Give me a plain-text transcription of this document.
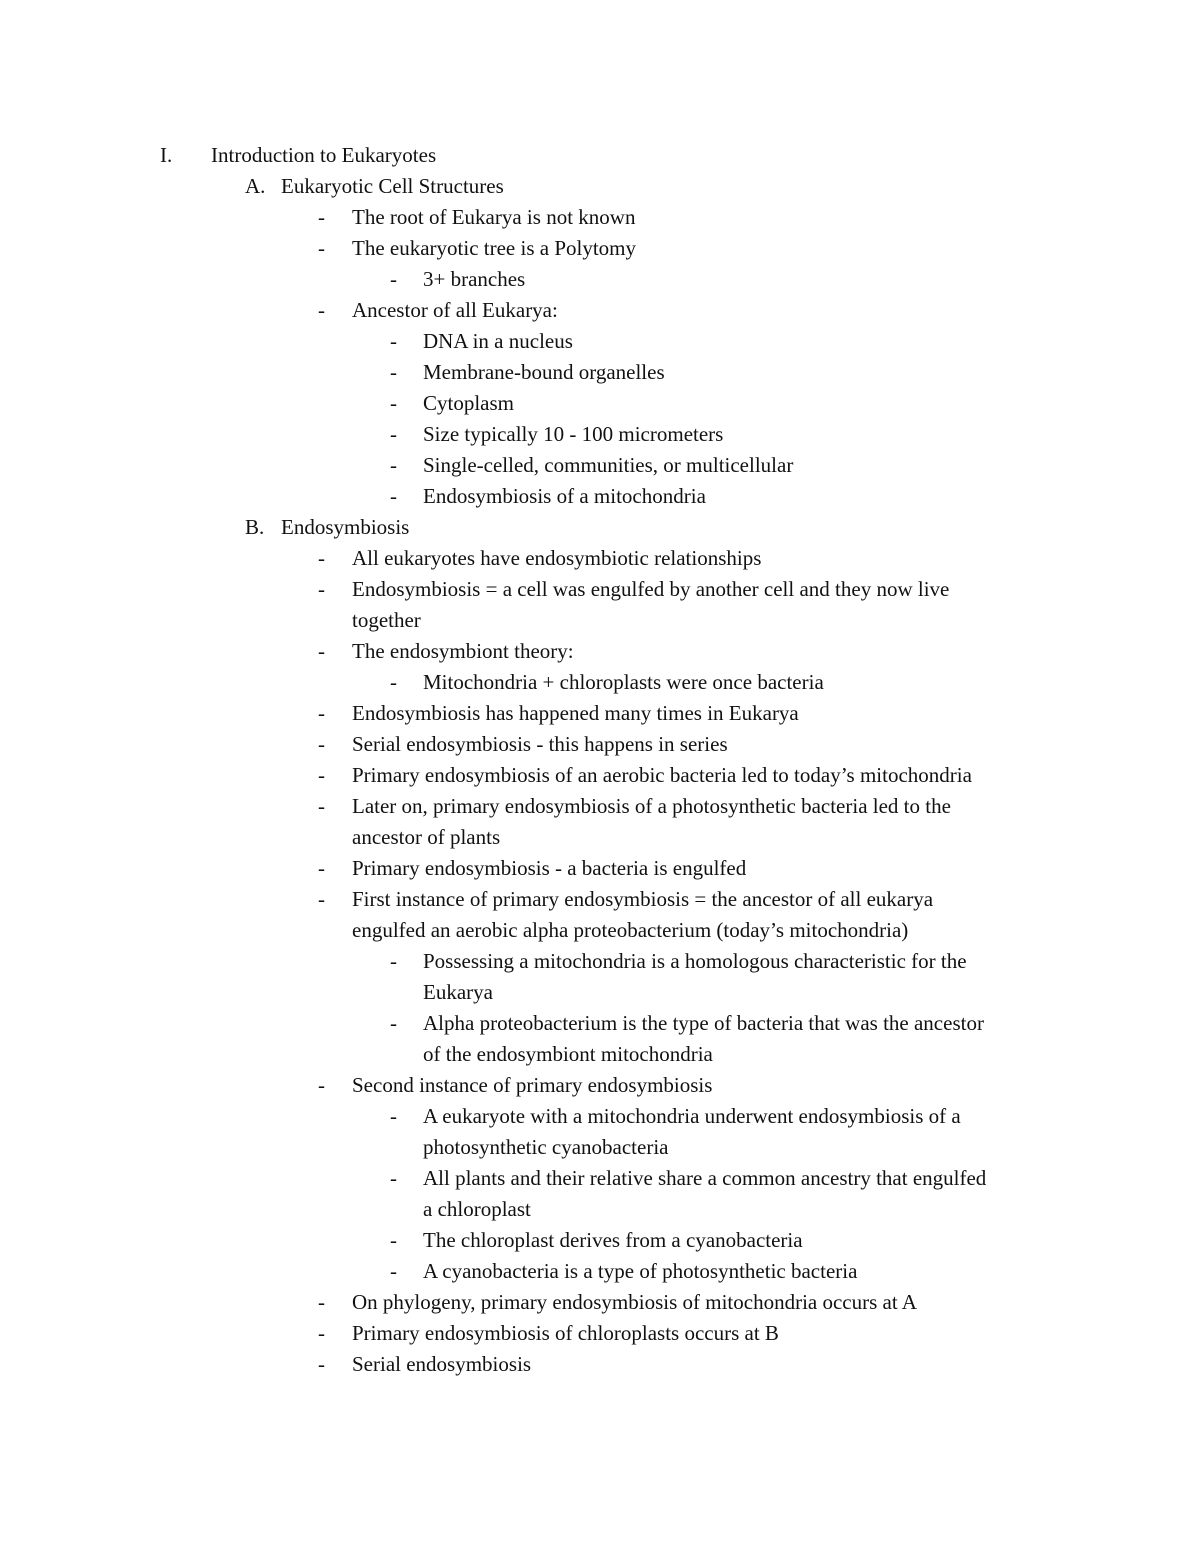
I. Introduction to Eukaryotes
A. Eukaryotic Cell Structures
- The root of Eukarya is not known
- The eukaryotic tree is a Polytomy
- 3+ branches
- Ancestor of all Eukarya:
- DNA in a nucleus
- Membrane-bound organelles
- Cytoplasm
- Size typically 10 - 100 micrometers
- Single-celled, communities, or multicellular
- Endosymbiosis of a mitochondria
B. Endosymbiosis
- All eukaryotes have endosymbiotic relationships
- Endosymbiosis = a cell was engulfed by another cell and they now live
together
- The endosymbiont theory:
- Mitochondria + chloroplasts were once bacteria
- Endosymbiosis has happened many times in Eukarya
- Serial endosymbiosis - this happens in series
- Primary endosymbiosis of an aerobic bacteria led to today’s mitochondria
- Later on, primary endosymbiosis of a photosynthetic bacteria led to the
ancestor of plants
- Primary endosymbiosis - a bacteria is engulfed
- First instance of primary endosymbiosis = the ancestor of all eukarya
engulfed an aerobic alpha proteobacterium (today’s mitochondria)
- Possessing a mitochondria is a homologous characteristic for the
Eukarya
- Alpha proteobacterium is the type of bacteria that was the ancestor
of the endosymbiont mitochondria
- Second instance of primary endosymbiosis
- A eukaryote with a mitochondria underwent endosymbiosis of a
photosynthetic cyanobacteria
- All plants and their relative share a common ancestry that engulfed
a chloroplast
- The chloroplast derives from a cyanobacteria
- A cyanobacteria is a type of photosynthetic bacteria
- On phylogeny, primary endosymbiosis of mitochondria occurs at A
- Primary endosymbiosis of chloroplasts occurs at B
- Serial endosymbiosis
